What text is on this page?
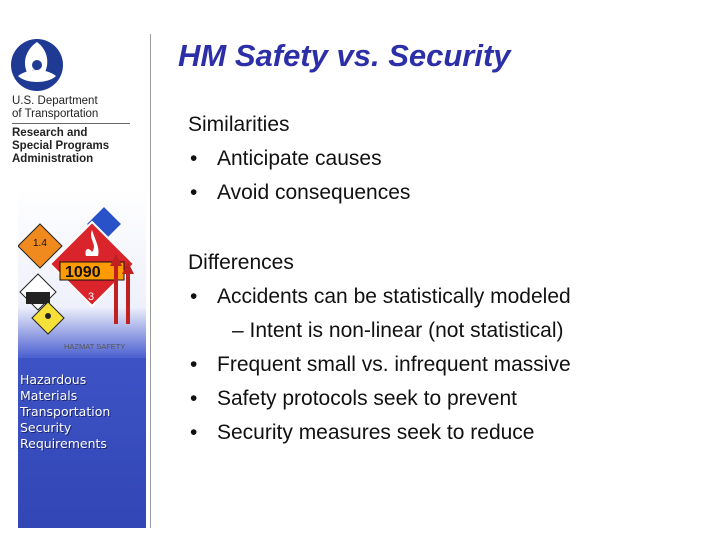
U.S. Department
of Transportation
Research and
Special Programs
Administration
1.4
1090
3
HAZMAT SAFETY
Hazardous
Materials
Transportation
Security
Requirements
HM Safety vs. Security
Similarities
• Anticipate causes
• Avoid consequences
Differences
• Accidents can be statistically modeled
– Intent is non-linear (not statistical)
• Frequent small vs. infrequent massive
• Safety protocols seek to prevent
• Security measures seek to reduce
